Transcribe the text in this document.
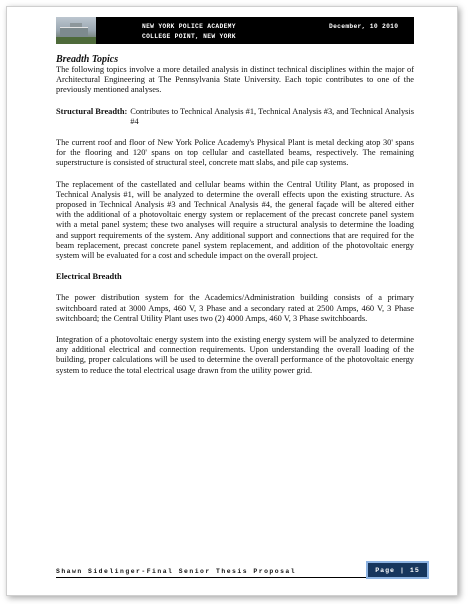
NEW YORK POLICE ACADEMY
COLLEGE POINT, NEW YORK
December, 10 2010

Breadth Topics

The following topics involve a more detailed analysis in distinct technical disciplines within the major of Architectural Engineering at The Pennsylvania State University. Each topic contributes to one of the previously mentioned analyses.

Structural Breadth: Contributes to Technical Analysis #1, Technical Analysis #3, and Technical Analysis #4

The current roof and floor of New York Police Academy's Physical Plant is metal decking atop 30' spans for the flooring and 120' spans on top cellular and castellated beams, respectively. The remaining superstructure is consisted of structural steel, concrete matt slabs, and pile cap systems.

The replacement of the castellated and cellular beams within the Central Utility Plant, as proposed in Technical Analysis #1, will be analyzed to determine the overall effects upon the existing structure. As proposed in Technical Analysis #3 and Technical Analysis #4, the general façade will be altered either with the additional of a photovoltaic energy system or replacement of the precast concrete panel system with a metal panel system; these two analyses will require a structural analysis to determine the loading and support requirements of the system. Any additional support and connections that are required for the beam replacement, precast concrete panel system replacement, and addition of the photovoltaic energy system will be evaluated for a cost and schedule impact on the overall project.

Electrical Breadth

The power distribution system for the Academics/Administration building consists of a primary switchboard rated at 3000 Amps, 460 V, 3 Phase and a secondary rated at 2500 Amps, 460 V, 3 Phase switchboard; the Central Utility Plant uses two (2) 4000 Amps, 460 V, 3 Phase switchboards.

Integration of a photovoltaic energy system into the existing energy system will be analyzed to determine any additional electrical and connection requirements. Upon understanding the overall loading of the building, proper calculations will be used to determine the overall performance of the photovoltaic energy system to reduce the total electrical usage drawn from the utility power grid.

Shawn Sidelinger-Final Senior Thesis Proposal	Page | 15
